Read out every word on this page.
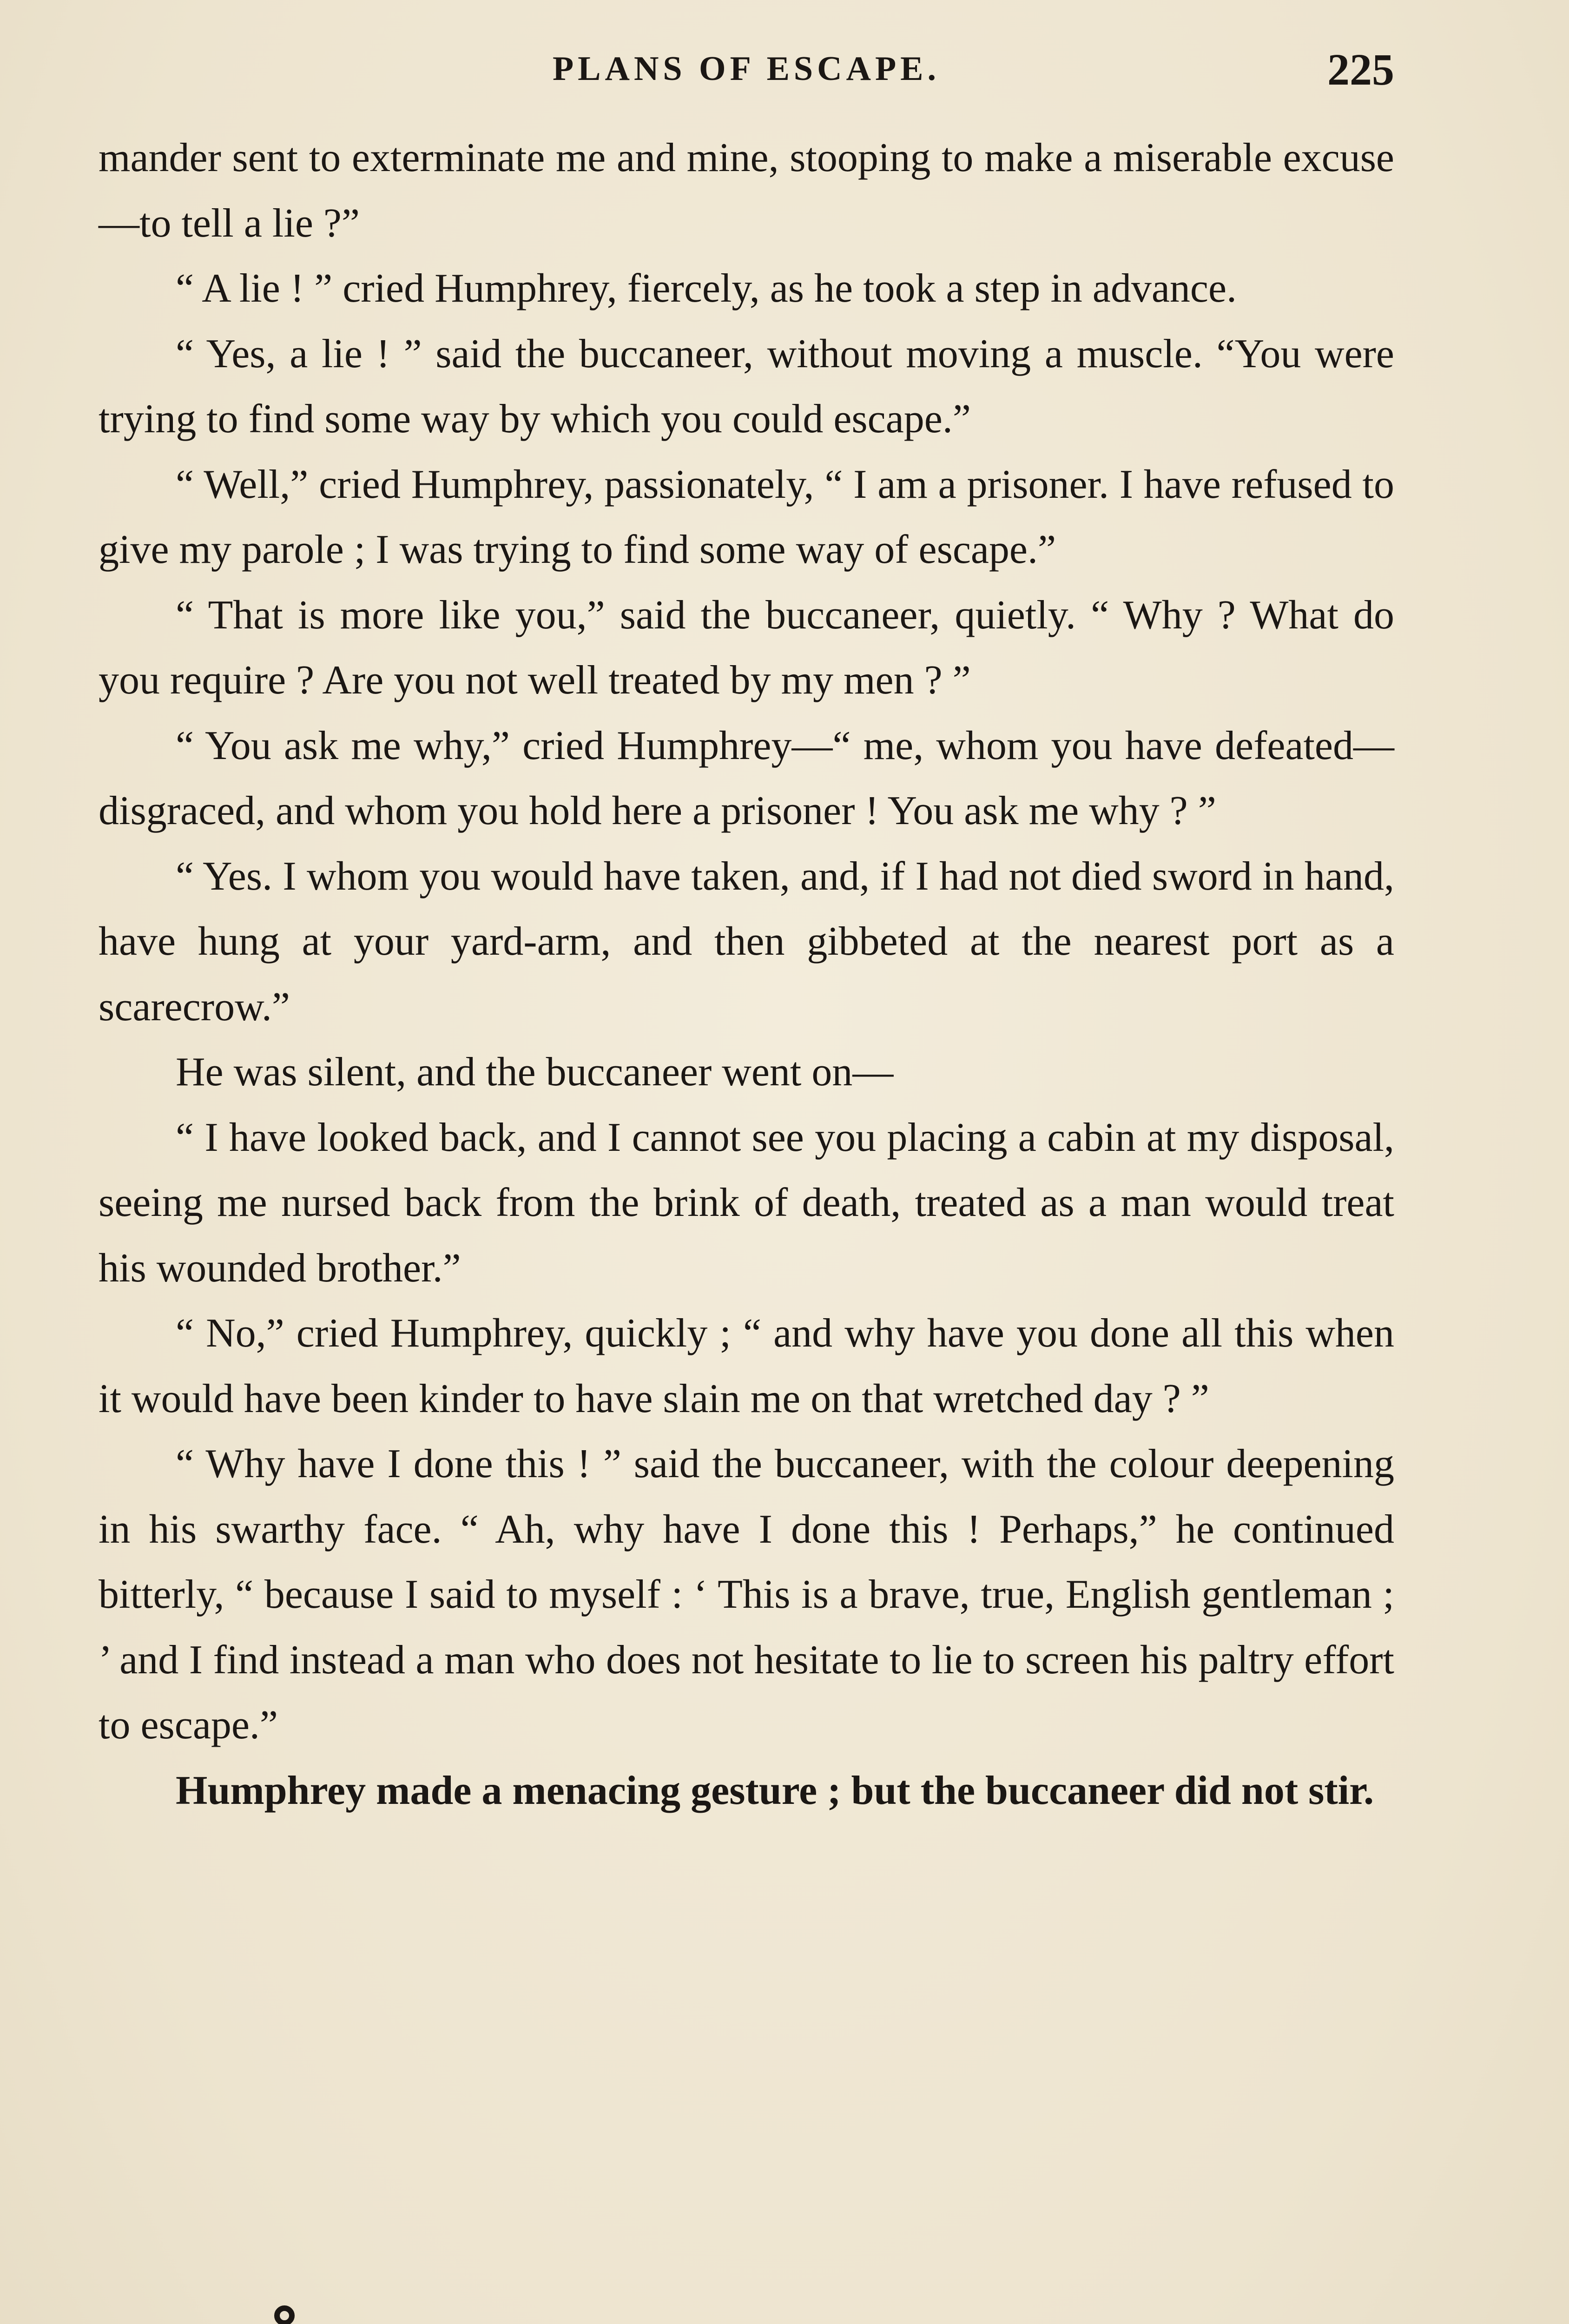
PLANS OF ESCAPE.	225

mander sent to exterminate me and mine, stooping to make a miserable excuse—to tell a lie ?”

“ A lie ! ” cried Humphrey, fiercely, as he took a step in advance.

“ Yes, a lie ! ” said the buccaneer, without moving a muscle. “You were trying to find some way by which you could escape.”

“ Well,” cried Humphrey, passionately, “ I am a prisoner. I have refused to give my parole ; I was trying to find some way of escape.”

“ That is more like you,” said the buccaneer, quietly. “ Why ? What do you require ? Are you not well treated by my men ? ”

“ You ask me why,” cried Humphrey—“ me, whom you have defeated—disgraced, and whom you hold here a prisoner ! You ask me why ? ”

“ Yes. I whom you would have taken, and, if I had not died sword in hand, have hung at your yard-arm, and then gibbeted at the nearest port as a scarecrow.”

He was silent, and the buccaneer went on—

“ I have looked back, and I cannot see you placing a cabin at my disposal, seeing me nursed back from the brink of death, treated as a man would treat his wounded brother.”

“ No,” cried Humphrey, quickly ; “ and why have you done all this when it would have been kinder to have slain me on that wretched day ? ”

“ Why have I done this ! ” said the buccaneer, with the colour deepening in his swarthy face. “ Ah, why have I done this ! Perhaps,” he continued bitterly, “ because I said to myself : ‘ This is a brave, true, English gentleman ; ’ and I find instead a man who does not hesitate to lie to screen his paltry effort to escape.”

Humphrey made a menacing gesture ; but the buccaneer did not stir.
